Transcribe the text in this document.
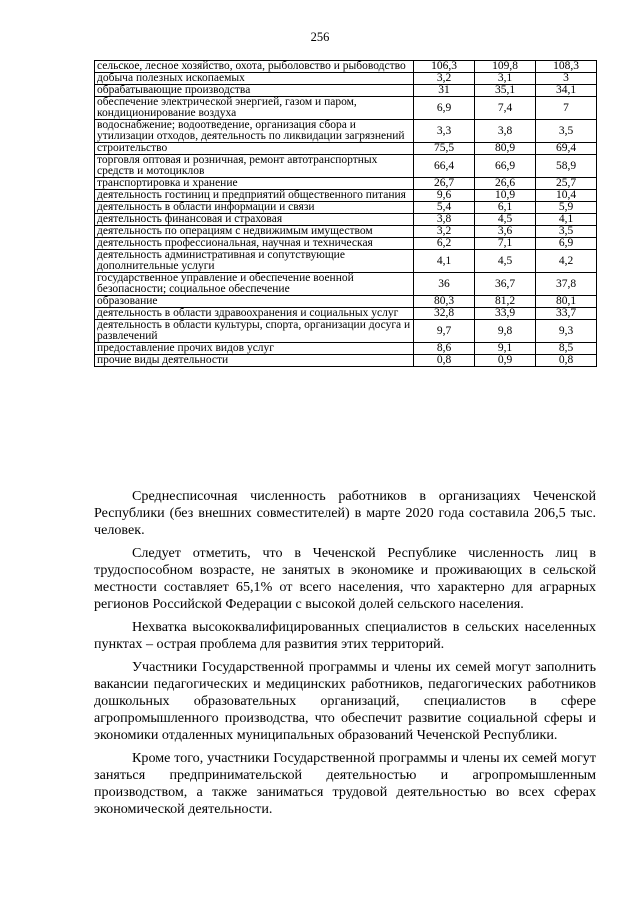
256
сельское, лесное хозяйство, охота, рыболовство и рыбоводство	106,3	109,8	108,3
добыча полезных ископаемых	3,2	3,1	3
обрабатывающие производства	31	35,1	34,1
обеспечение электрической энергией, газом и паром, кондиционирование воздуха	6,9	7,4	7
водоснабжение; водоотведение, организация сбора и утилизации отходов, деятельность по ликвидации загрязнений	3,3	3,8	3,5
строительство	75,5	80,9	69,4
торговля оптовая и розничная, ремонт автотранспортных средств и мотоциклов	66,4	66,9	58,9
транспортировка и хранение	26,7	26,6	25,7
деятельность гостиниц и предприятий общественного питания	9,6	10,9	10,4
деятельность в области информации и связи	5,4	6,1	5,9
деятельность финансовая и страховая	3,8	4,5	4,1
деятельность по операциям с недвижимым имуществом	3,2	3,6	3,5
деятельность профессиональная, научная и техническая	6,2	7,1	6,9
деятельность административная и сопутствующие дополнительные услуги	4,1	4,5	4,2
государственное управление и обеспечение военной безопасности; социальное обеспечение	36	36,7	37,8
образование	80,3	81,2	80,1
деятельность в области здравоохранения и социальных услуг	32,8	33,9	33,7
деятельность в области культуры, спорта, организации досуга и развлечений	9,7	9,8	9,3
предоставление прочих видов услуг	8,6	9,1	8,5
прочие виды деятельности	0,8	0,9	0,8

Среднесписочная численность работников в организациях Чеченской Республики (без внешних совместителей) в марте 2020 года составила 206,5 тыс. человек.

Следует отметить, что в Чеченской Республике численность лиц в трудоспособном возрасте, не занятых в экономике и проживающих в сельской местности составляет 65,1% от всего населения, что характерно для аграрных регионов Российской Федерации с высокой долей сельского населения.

Нехватка высококвалифицированных специалистов в сельских населенных пунктах – острая проблема для развития этих территорий.

Участники Государственной программы и члены их семей могут заполнить вакансии педагогических и медицинских работников, педагогических работников дошкольных образовательных организаций, специалистов в сфере агропромышленного производства, что обеспечит развитие социальной сферы и экономики отдаленных муниципальных образований Чеченской Республики.

Кроме того, участники Государственной программы и члены их семей могут заняться предпринимательской деятельностью и агропромышленным производством, а также заниматься трудовой деятельностью во всех сферах экономической деятельности.
